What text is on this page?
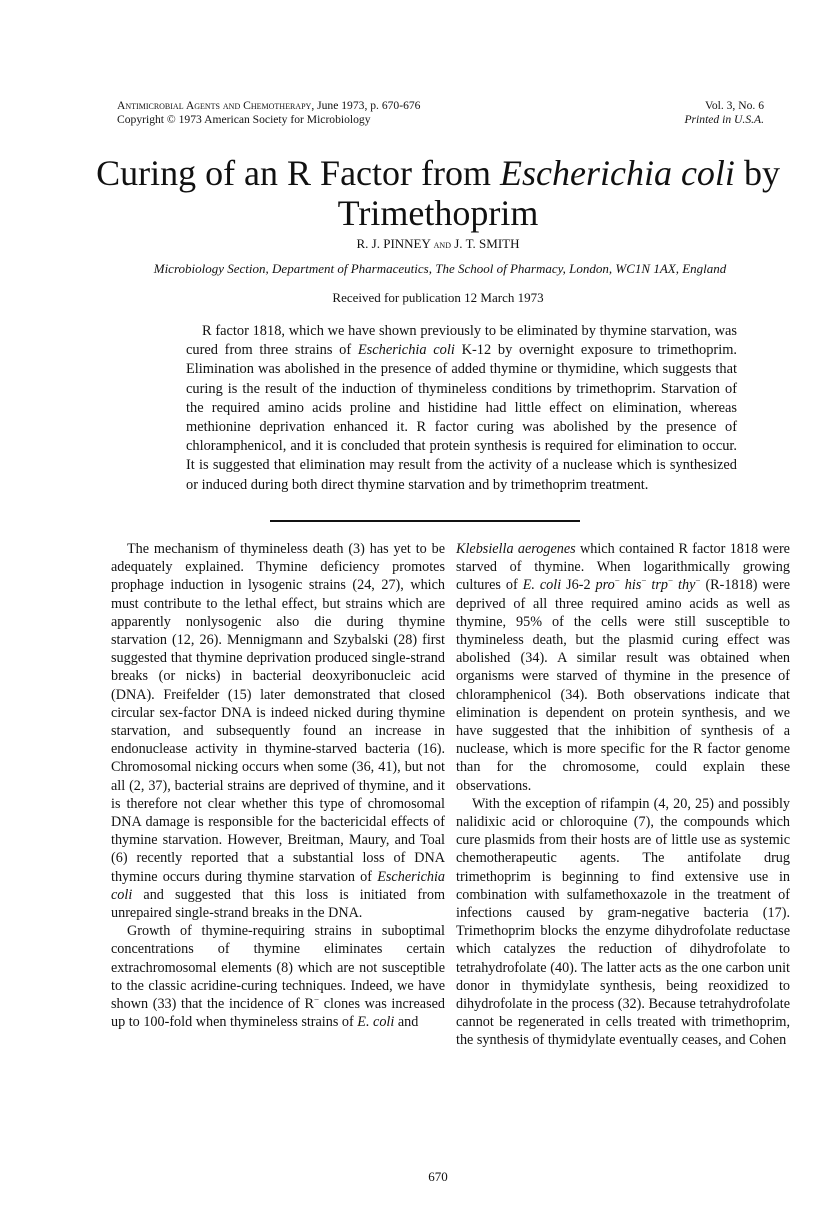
Antimicrobial Agents and Chemotherapy, June 1973, p. 670-676
Copyright © 1973 American Society for Microbiology
Vol. 3, No. 6
Printed in U.S.A.
Curing of an R Factor from Escherichia coli by Trimethoprim
R. J. PINNEY and J. T. SMITH
Microbiology Section, Department of Pharmaceutics, The School of Pharmacy, London, WC1N 1AX, England
Received for publication 12 March 1973

R factor 1818, which we have shown previously to be eliminated by thymine starvation, was cured from three strains of Escherichia coli K-12 by overnight exposure to trimethoprim. Elimination was abolished in the presence of added thymine or thymidine, which suggests that curing is the result of the induction of thymineless conditions by trimethoprim. Starvation of the required amino acids proline and histidine had little effect on elimination, whereas methionine deprivation enhanced it. R factor curing was abolished by the presence of chloramphenicol, and it is concluded that protein synthesis is required for elimination to occur. It is suggested that elimination may result from the activity of a nuclease which is synthesized or induced during both direct thymine starvation and by trimethoprim treatment.

The mechanism of thymineless death (3) has yet to be adequately explained. Thymine deficiency promotes prophage induction in lysogenic strains (24, 27), which must contribute to the lethal effect, but strains which are apparently nonlysogenic also die during thymine starvation (12, 26). Mennigmann and Szybalski (28) first suggested that thymine deprivation produced single-strand breaks (or nicks) in bacterial deoxyribonucleic acid (DNA). Freifelder (15) later demonstrated that closed circular sex-factor DNA is indeed nicked during thymine starvation, and subsequently found an increase in endonuclease activity in thymine-starved bacteria (16). Chromosomal nicking occurs when some (36, 41), but not all (2, 37), bacterial strains are deprived of thymine, and it is therefore not clear whether this type of chromosomal DNA damage is responsible for the bactericidal effects of thymine starvation. However, Breitman, Maury, and Toal (6) recently reported that a substantial loss of DNA thymine occurs during thymine starvation of Escherichia coli and suggested that this loss is initiated from unrepaired single-strand breaks in the DNA.

Growth of thymine-requiring strains in suboptimal concentrations of thymine eliminates certain extrachromosomal elements (8) which are not susceptible to the classic acridine-curing techniques. Indeed, we have shown (33) that the incidence of R− clones was increased up to 100-fold when thymineless strains of E. coli and

Klebsiella aerogenes which contained R factor 1818 were starved of thymine. When logarithmically growing cultures of E. coli J6-2 pro− his− trp− thy− (R-1818) were deprived of all three required amino acids as well as thymine, 95% of the cells were still susceptible to thymineless death, but the plasmid curing effect was abolished (34). A similar result was obtained when organisms were starved of thymine in the presence of chloramphenicol (34). Both observations indicate that elimination is dependent on protein synthesis, and we have suggested that the inhibition of synthesis of a nuclease, which is more specific for the R factor genome than for the chromosome, could explain these observations.

With the exception of rifampin (4, 20, 25) and possibly nalidixic acid or chloroquine (7), the compounds which cure plasmids from their hosts are of little use as systemic chemotherapeutic agents. The antifolate drug trimethoprim is beginning to find extensive use in combination with sulfamethoxazole in the treatment of infections caused by gram-negative bacteria (17). Trimethoprim blocks the enzyme dihydrofolate reductase which catalyzes the reduction of dihydrofolate to tetrahydrofolate (40). The latter acts as the one carbon unit donor in thymidylate synthesis, being reoxidized to dihydrofolate in the process (32). Because tetrahydrofolate cannot be regenerated in cells treated with trimethoprim, the synthesis of thymidylate eventually ceases, and Cohen

670
